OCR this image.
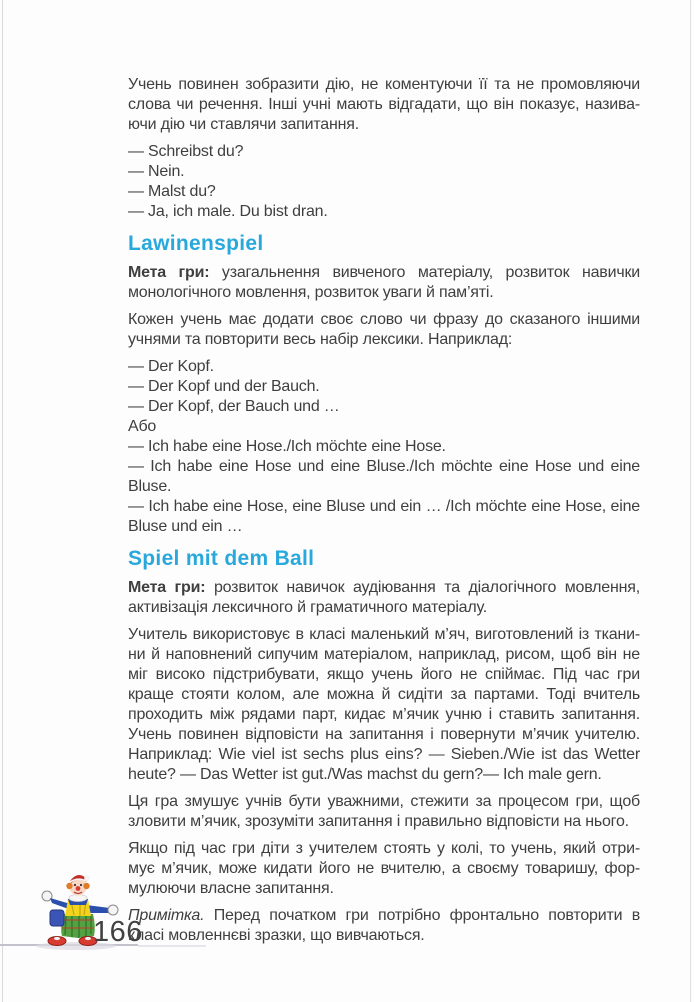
Учень повинен зобразити дію, не коментуючи її та не промовляючи
слова чи речення. Інші учні мають відгадати, що він показує, назива-
ючи дію чи ставлячи запитання.
— Schreibst du?
— Nein.
— Malst du?
— Ja, ich male. Du bist dran.
Lawinenspiel
Мета гри: узагальнення вивченого матеріалу, розвиток навички
монологічного мовлення, розвиток уваги й пам’яті.
Кожен учень має додати своє слово чи фразу до сказаного іншими
учнями та повторити весь набір лексики. Наприклад:
— Der Kopf.
— Der Kopf und der Bauch.
— Der Kopf, der Bauch und …
Або
— Ich habe eine Hose./Ich möchte eine Hose.
— Ich habe eine Hose und eine Bluse./Ich möchte eine Hose und eine
Bluse.
— Ich habe eine Hose, eine Bluse und ein … /Ich möchte eine Hose, eine
Bluse und ein …
Spiel mit dem Ball
Мета гри: розвиток навичок аудіювання та діалогічного мовлення,
активізація лексичного й граматичного матеріалу.
Учитель використовує в класі маленький м’яч, виготовлений із ткани-
ни й наповнений сипучим матеріалом, наприклад, рисом, щоб він не
міг високо підстрибувати, якщо учень його не спіймає. Під час гри
краще стояти колом, але можна й сидіти за партами. Тоді вчитель
проходить між рядами парт, кидає м’ячик учню і ставить запитання.
Учень повинен відповісти на запитання і повернути м’ячик учителю.
Наприклад: Wie viel ist sechs plus eins? — Sieben./Wie ist das Wetter
heute? — Das Wetter ist gut./Was machst du gern?— Ich male gern.
Ця гра змушує учнів бути уважними, стежити за процесом гри, щоб
зловити м’ячик, зрозуміти запитання і правильно відповісти на нього.
Якщо під час гри діти з учителем стоять у колі, то учень, який отри-
мує м’ячик, може кидати його не вчителю, а своєму товаришу, фор-
мулюючи власне запитання.
Примітка. Перед початком гри потрібно фронтально повторити в
класі мовленнєві зразки, що вивчаються.
166
